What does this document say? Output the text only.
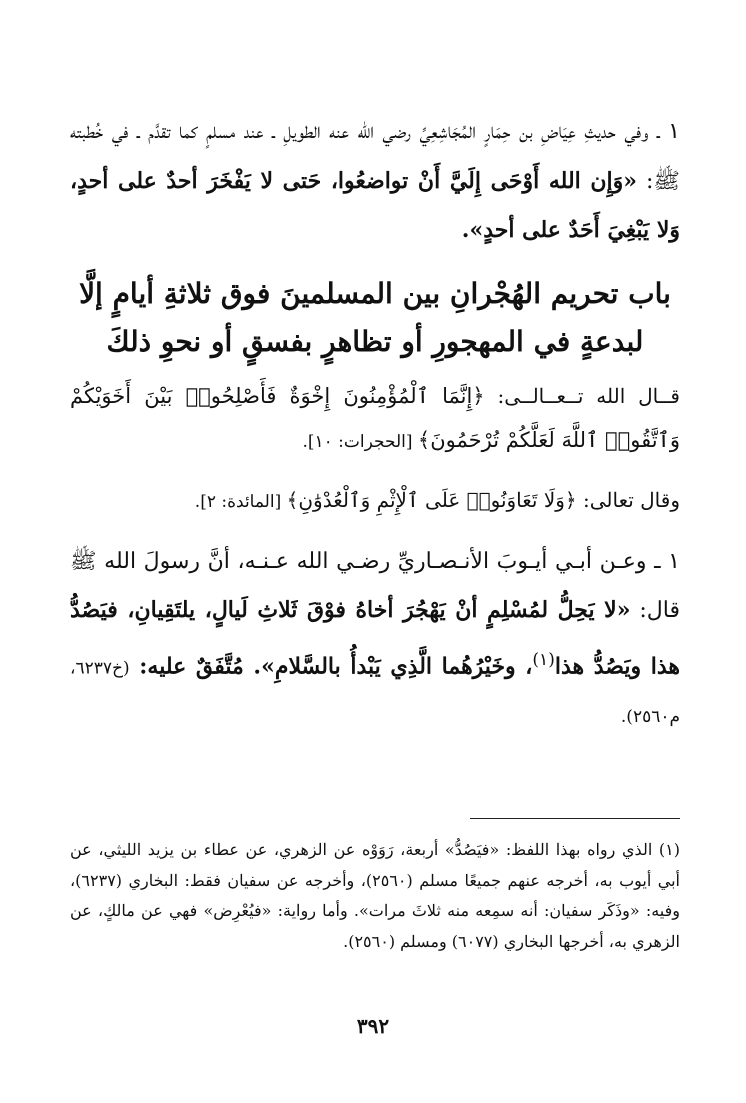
١ ـ وفي حديثِ عِيَاضِ بن حِمَارٍ المُجَاشِعِيِّ رضي الله عنه الطويلِ ـ عند مسلمٍ كما تقدَّم ـ في خُطبته ﷺ: «وَإِن الله أَوْحَى إِلَيَّ أَنْ تواضعُوا، حَتى لا يَفْخَرَ أحدٌ على أحدٍ، وَلا يَبْغِيَ أَحَدٌ على أحدٍ».

باب تحريم الهُجْرانِ بين المسلمينَ فوق ثلاثةِ أيامٍ إلَّا لبدعةٍ في المهجورِ أو تظاهرٍ بفسقٍ أو نحوِ ذلكَ

قــال الله تــعــالــى: ﴿إِنَّمَا ٱلْمُؤْمِنُونَ إِخْوَةٌ فَأَصْلِحُوا۟ بَيْنَ أَخَوَيْكُمْ وَٱتَّقُوا۟ ٱللَّهَ لَعَلَّكُمْ تُرْحَمُونَ﴾ [الحجرات: ١٠].

وقال تعالى: ﴿وَلَا تَعَاوَنُوا۟ عَلَى ٱلْإِثْمِ وَٱلْعُدْوَٰنِ﴾ [المائدة: ٢].

١ ـ وعـن أبـي أيـوبَ الأنـصـاريِّ رضـي الله عـنـه، أنَّ رسولَ الله ﷺ قال: «لا يَحِلُّ لمُسْلِمٍ أنْ يَهْجُرَ أخاهُ فوْقَ ثَلاثِ لَيالٍ، يلتَقِيانِ، فيَصُدُّ هذا ويَصُدُّ هذا$^{(١)}$، وخَيْرُهُما الَّذِي يَبْدأُ بالسَّلامِ». مُتَّفَقٌ عليه: (خ٦٢٣٧، م٢٥٦٠).

(١) الذي رواه بهذا اللفظ: «فيَصُدُّ» أربعة، رَوَوْه عن الزهري، عن عطاء بن يزيد الليثي، عن أبي أيوب به، أخرجه عنهم جميعًا مسلم (٢٥٦٠)، وأخرجه عن سفيان فقط: البخاري (٦٢٣٧)، وفيه: «وذَكَر سفيان: أنه سمِعه منه ثلاثَ مرات». وأما رواية: «فيُعْرِض» فهي عن مالكٍ، عن الزهري به، أخرجها البخاري (٦٠٧٧) ومسلم (٢٥٦٠).
٣٩٢
